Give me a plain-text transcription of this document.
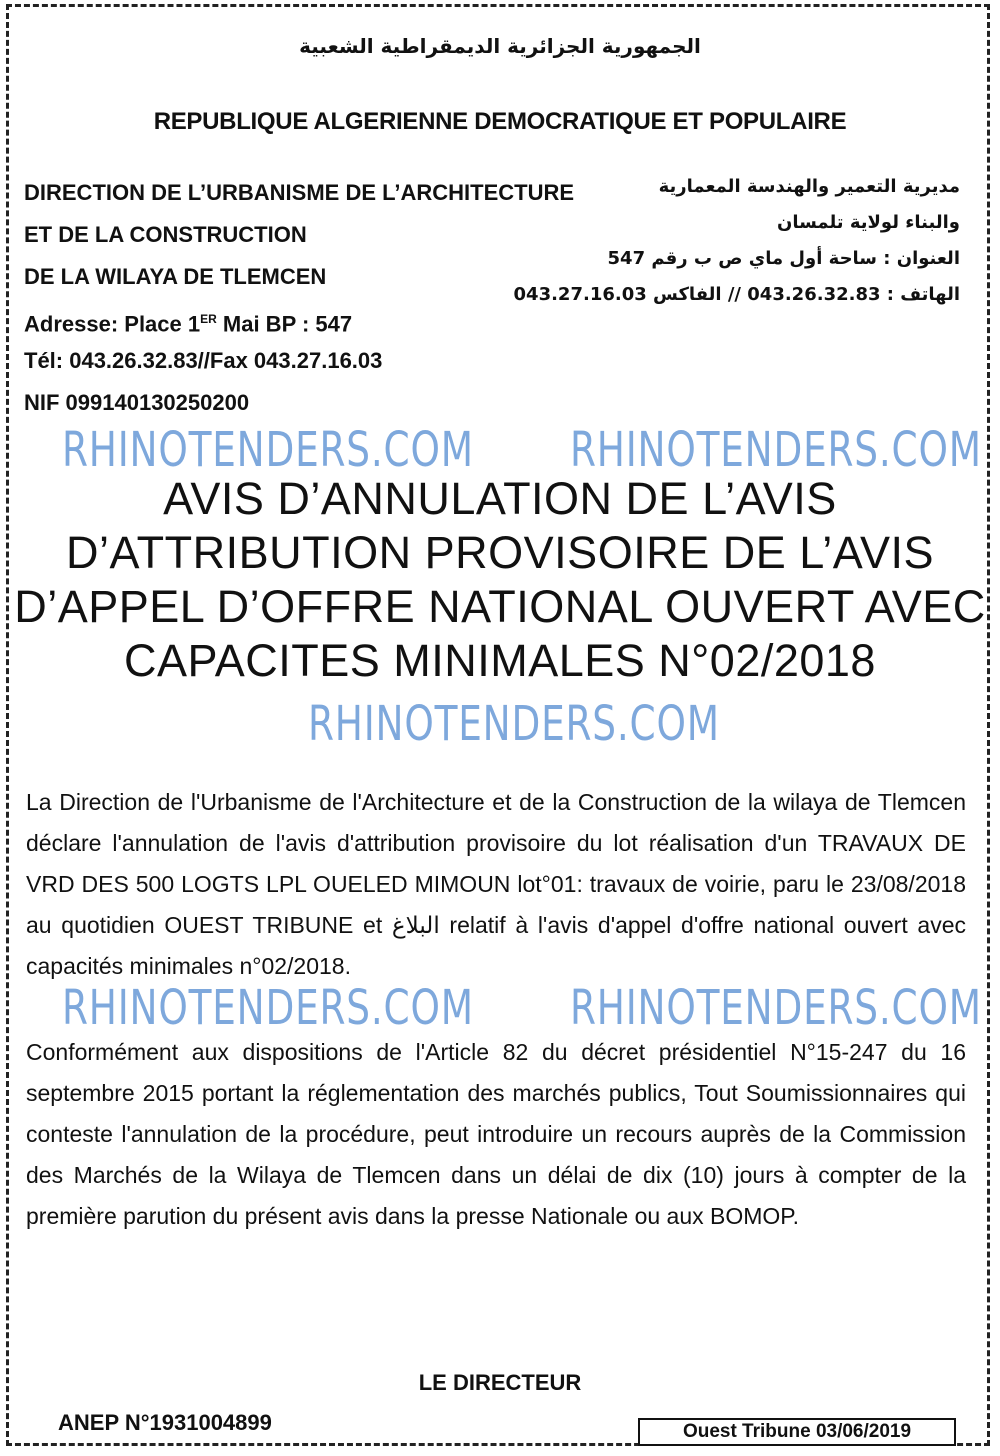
الجمهورية الجزائرية الديمقراطية الشعبية
REPUBLIQUE ALGERIENNE DEMOCRATIQUE ET POPULAIRE
DIRECTION DE L’URBANISME DE L’ARCHITECTURE
ET DE LA CONSTRUCTION
DE LA WILAYA DE TLEMCEN
Adresse: Place 1ER Mai BP : 547
Tél: 043.26.32.83//Fax 043.27.16.03
NIF 099140130250200
مديرية التعمير والهندسة المعمارية
والبناء لولاية تلمسان
العنوان : ساحة أول ماي ص ب رقم 547
الهاتف : 043.26.32.83 // الفاكس 043.27.16.03
RHINOTENDERS.COM RHINOTENDERS.COM
AVIS D’ANNULATION DE L’AVIS
D’ATTRIBUTION PROVISOIRE DE L’AVIS
D’APPEL D’OFFRE NATIONAL OUVERT AVEC
CAPACITES MINIMALES N°02/2018
RHINOTENDERS.COM
La Direction de l'Urbanisme de l'Architecture et de la Construction de la wilaya de Tlemcen déclare l'annulation de l'avis d'attribution provisoire du lot réalisation d'un TRAVAUX DE VRD DES 500 LOGTS LPL OUELED MIMOUN lot°01: travaux de voirie, paru le 23/08/2018 au quotidien OUEST TRIBUNE et البلاغ relatif à l'avis d'appel d'offre national ouvert avec capacités minimales n°02/2018.
RHINOTENDERS.COM RHINOTENDERS.COM
Conformément aux dispositions de l'Article 82 du décret présidentiel N°15-247 du 16 septembre 2015 portant la réglementation des marchés publics, Tout Soumissionnaires qui conteste l'annulation de la procédure, peut introduire un recours auprès de la Commission des Marchés de la Wilaya de Tlemcen dans un délai de dix (10) jours à compter de la première parution du présent avis dans la presse Nationale ou aux BOMOP.
LE DIRECTEUR
ANEP N°1931004899	Ouest Tribune 03/06/2019
